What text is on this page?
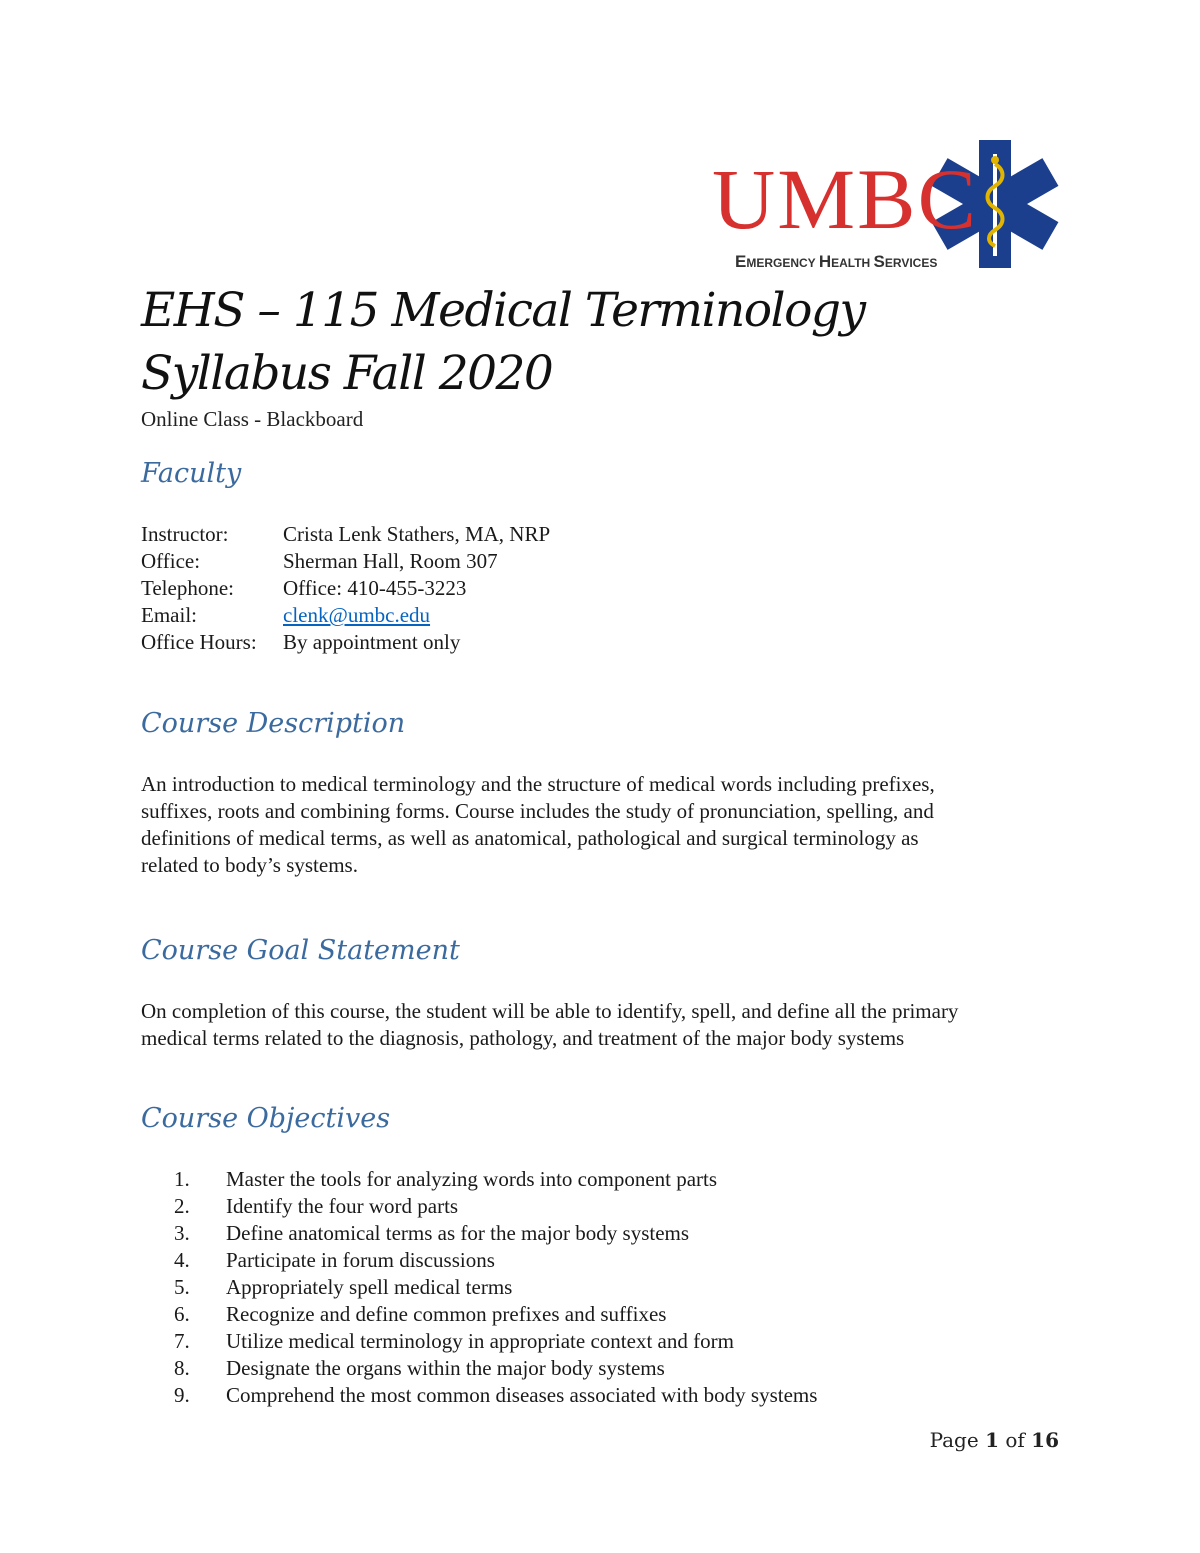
UMBC
EMERGENCY HEALTH SERVICES
EHS – 115 Medical Terminology
Syllabus Fall 2020
Online Class - Blackboard
Faculty
Instructor:	Crista Lenk Stathers, MA, NRP
Office:	Sherman Hall, Room 307
Telephone:	Office: 410-455-3223
Email:	clenk@umbc.edu
Office Hours:	By appointment only
Course Description

An introduction to medical terminology and the structure of medical words including prefixes,

suffixes, roots and combining forms. Course includes the study of pronunciation, spelling, and

definitions of medical terms, as well as anatomical, pathological and surgical terminology as

related to body’s systems.

Course Goal Statement

On completion of this course, the student will be able to identify, spell, and define all the primary

medical terms related to the diagnosis, pathology, and treatment of the major body systems

Course Objectives
1.	Master the tools for analyzing words into component parts
2.	Identify the four word parts
3.	Define anatomical terms as for the major body systems
4.	Participate in forum discussions
5.	Appropriately spell medical terms
6.	Recognize and define common prefixes and suffixes
7.	Utilize medical terminology in appropriate context and form
8.	Designate the organs within the major body systems
9.	Comprehend the most common diseases associated with body systems
Page 1 of 16
